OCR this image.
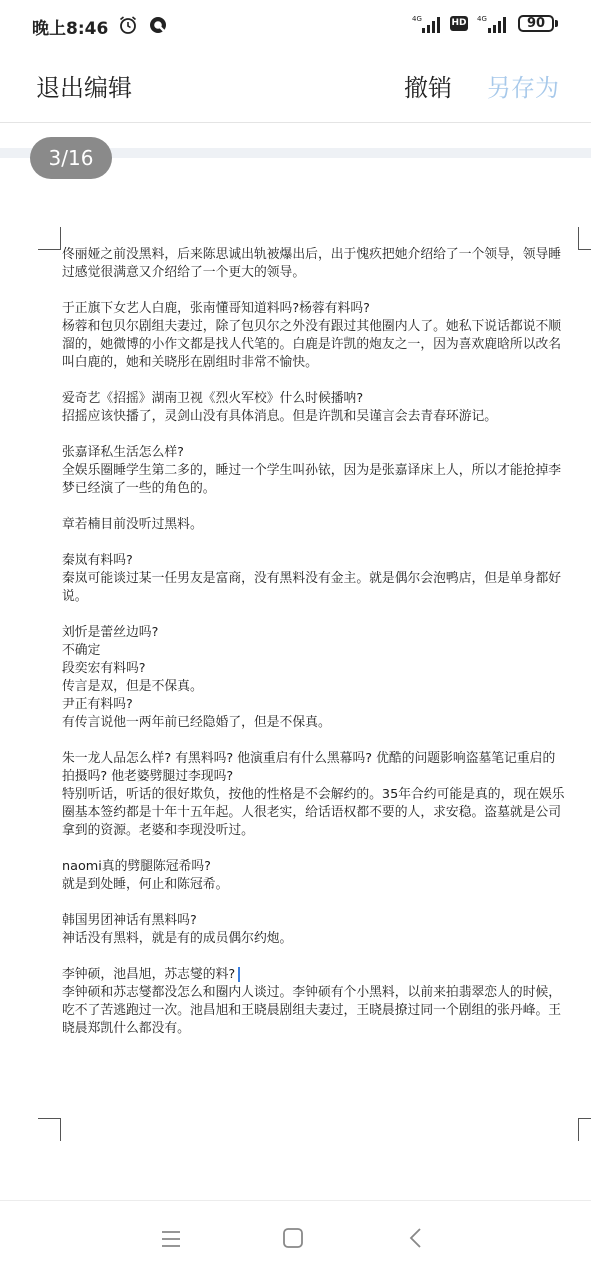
晚上8:46	4G	HD 4G	90
退出编辑	撤销 另存为
3/16
佟丽娅之前没黑料，后来陈思诚出轨被爆出后，出于愧疚把她介绍给了一个领导，领导睡
过感觉很满意又介绍给了一个更大的领导。
于正旗下女艺人白鹿，张南懂哥知道料吗?杨蓉有料吗?
杨蓉和包贝尔剧组夫妻过，除了包贝尔之外没有跟过其他圈内人了。她私下说话都说不顺
溜的，她微博的小作文都是找人代笔的。白鹿是许凯的炮友之一，因为喜欢鹿晗所以改名
叫白鹿的，她和关晓彤在剧组时非常不愉快。
爱奇艺《招摇》湖南卫视《烈火军校》什么时候播呐?
招摇应该快播了，灵剑山没有具体消息。但是许凯和吴谨言会去青春环游记。
张嘉译私生活怎么样?
全娱乐圈睡学生第二多的，睡过一个学生叫孙铱，因为是张嘉译床上人，所以才能抢掉李
梦已经演了一些的角色的。
章若楠目前没听过黑料。
秦岚有料吗?
秦岚可能谈过某一任男友是富商，没有黑料没有金主。就是偶尔会泡鸭店，但是单身都好
说。
刘忻是蕾丝边吗?
不确定
段奕宏有料吗?
传言是双，但是不保真。
尹正有料吗?
有传言说他一两年前已经隐婚了，但是不保真。
朱一龙人品怎么样? 有黑料吗? 他演重启有什么黑幕吗? 优酷的问题影响盗墓笔记重启的
拍摄吗? 他老婆劈腿过李现吗?
特别听话，听话的很好欺负，按他的性格是不会解约的。35年合约可能是真的，现在娱乐
圈基本签约都是十年十五年起。人很老实，给话语权都不要的人，求安稳。盗墓就是公司
拿到的资源。老婆和李现没听过。
naomi真的劈腿陈冠希吗?
就是到处睡，何止和陈冠希。
韩国男团神话有黑料吗?
神话没有黑料，就是有的成员偶尔约炮。
李钟硕，池昌旭，苏志燮的料?
李钟硕和苏志燮都没怎么和圈内人谈过。李钟硕有个小黑料，以前来拍翡翠恋人的时候，
吃不了苦逃跑过一次。池昌旭和王晓晨剧组夫妻过，王晓晨撩过同一个剧组的张丹峰。王
晓晨郑凯什么都没有。
